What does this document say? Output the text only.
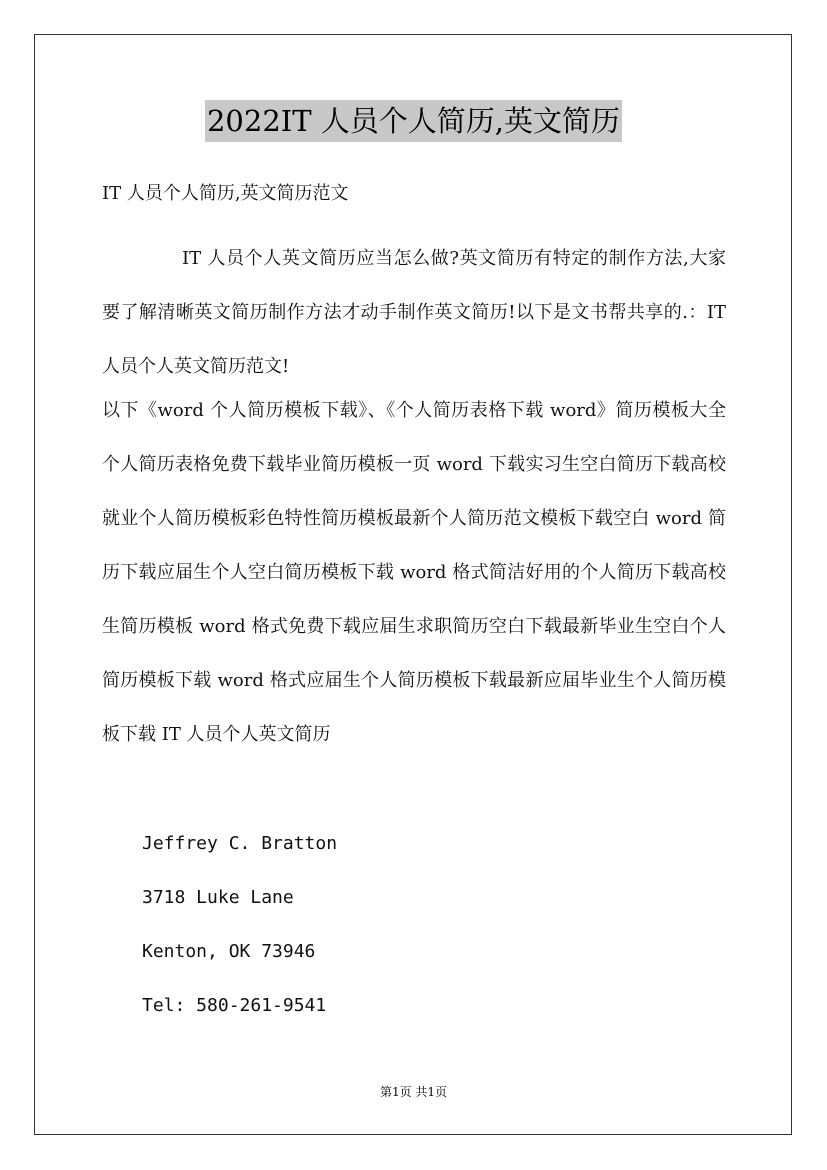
2022IT 人员个人简历,英文简历

IT 人员个人简历,英文简历范文

IT 人员个人英文简历应当怎么做?英文简历有特定的制作方法,大家要了解清晰英文简历制作方法才动手制作英文简历!以下是文书帮共享的.：IT 人员个人英文简历范文!

以下《word 个人简历模板下载》、《个人简历表格下载 word》简历模板大全个人简历表格免费下载毕业简历模板一页 word 下载实习生空白简历下载高校就业个人简历模板彩色特性简历模板最新个人简历范文模板下载空白 word 简历下载应届生个人空白简历模板下载 word 格式简洁好用的个人简历下载高校生简历模板 word 格式免费下载应届生求职简历空白下载最新毕业生空白个人简历模板下载 word 格式应届生个人简历模板下载最新应届毕业生个人简历模板下载 IT 人员个人英文简历

Jeffrey C. Bratton

3718 Luke Lane

Kenton, OK 73946

Tel: 580-261-9541

第1页 共1页
